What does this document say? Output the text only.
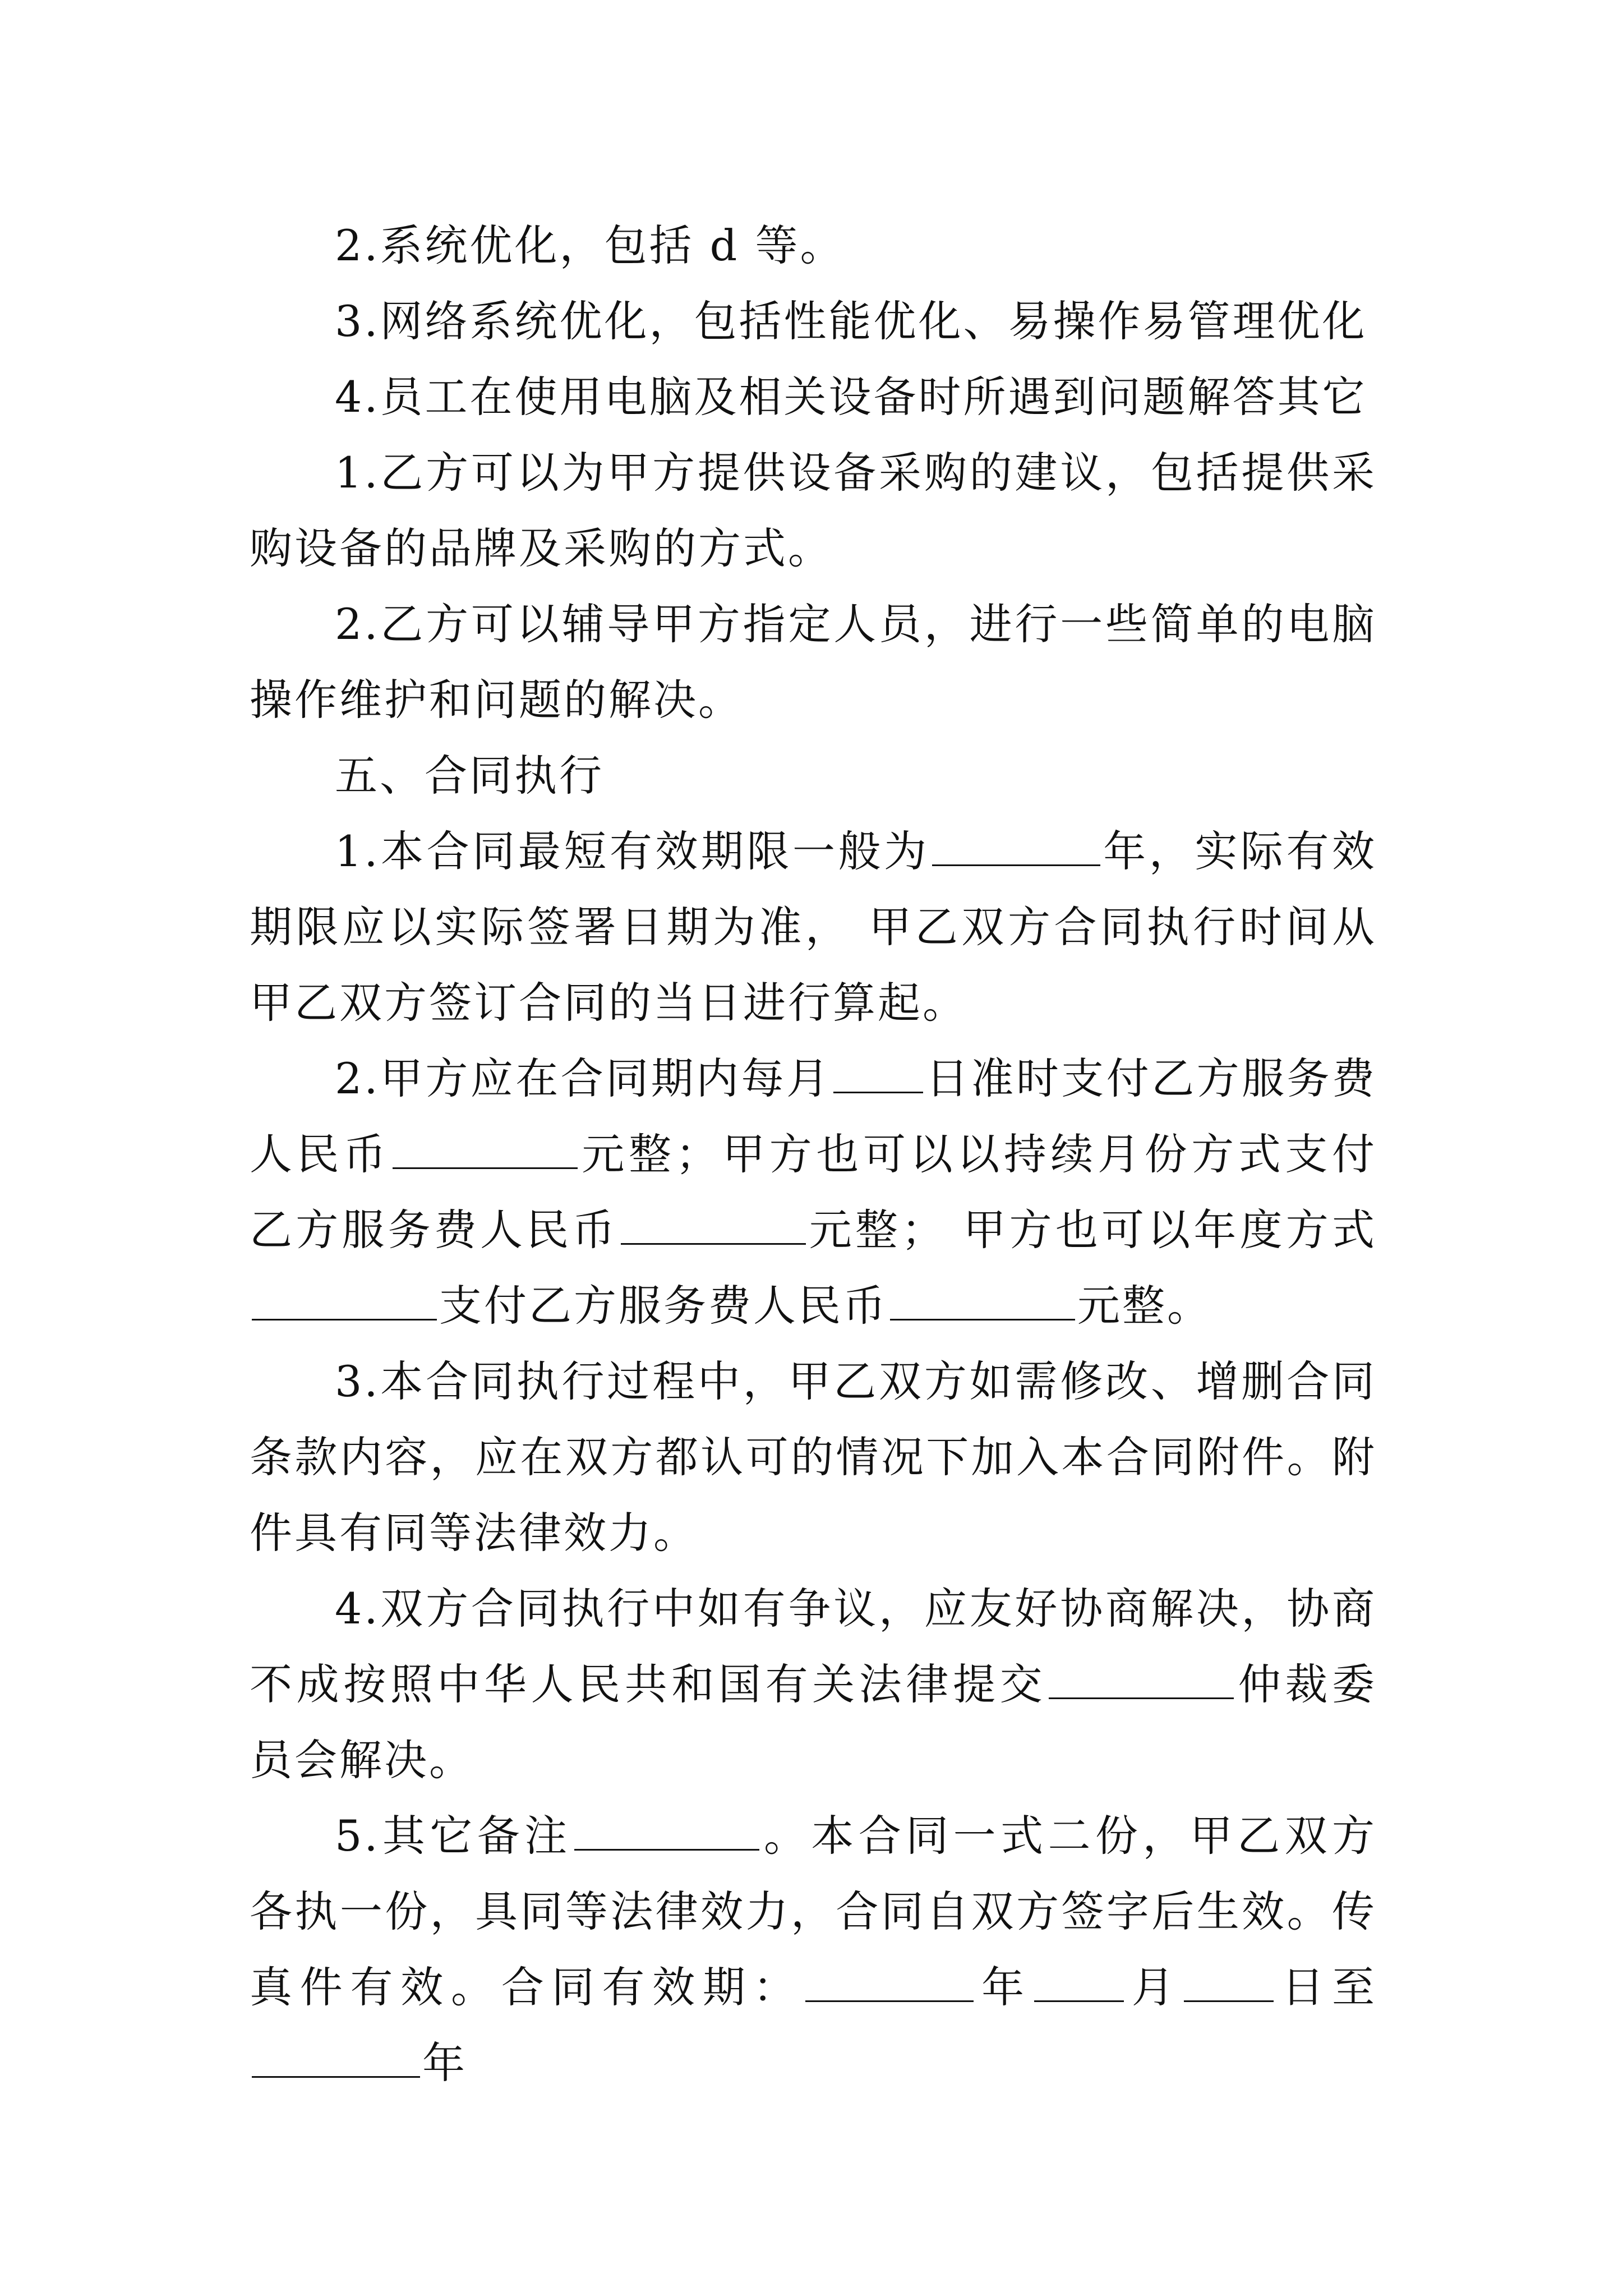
2.系统优化，包括 d 等。

3.网络系统优化，包括性能优化、易操作易管理优化

4.员工在使用电脑及相关设备时所遇到问题解答其它

1.乙方可以为甲方提供设备采购的建议，包括提供采购设备的品牌及采购的方式。

2.乙方可以辅导甲方指定人员，进行一些简单的电脑操作维护和问题的解决。

五、合同执行

1.本合同最短有效期限一般为	年，实际有效期限应以实际签署日期为准， 甲乙双方合同执行时间从甲乙双方签订合同的当日进行算起。

2.甲方应在合同期内每月 日准时支付乙方服务费人民币	元整；甲方也可以以持续月份方式支付乙方服务费人民币	元整； 甲方也可以年度方式支付乙方服务费人民币	元整。

3.本合同执行过程中，甲乙双方如需修改、增删合同条款内容，应在双方都认可的情况下加入本合同附件。附件具有同等法律效力。

4.双方合同执行中如有争议，应友好协商解决，协商不成按照中华人民共和国有关法律提交	仲裁委员会解决。

5.其它备注	。本合同一式二份，甲乙双方各执一份，具同等法律效力，合同自双方签字后生效。传真件有效。合同有效期：	年 月 日至年
